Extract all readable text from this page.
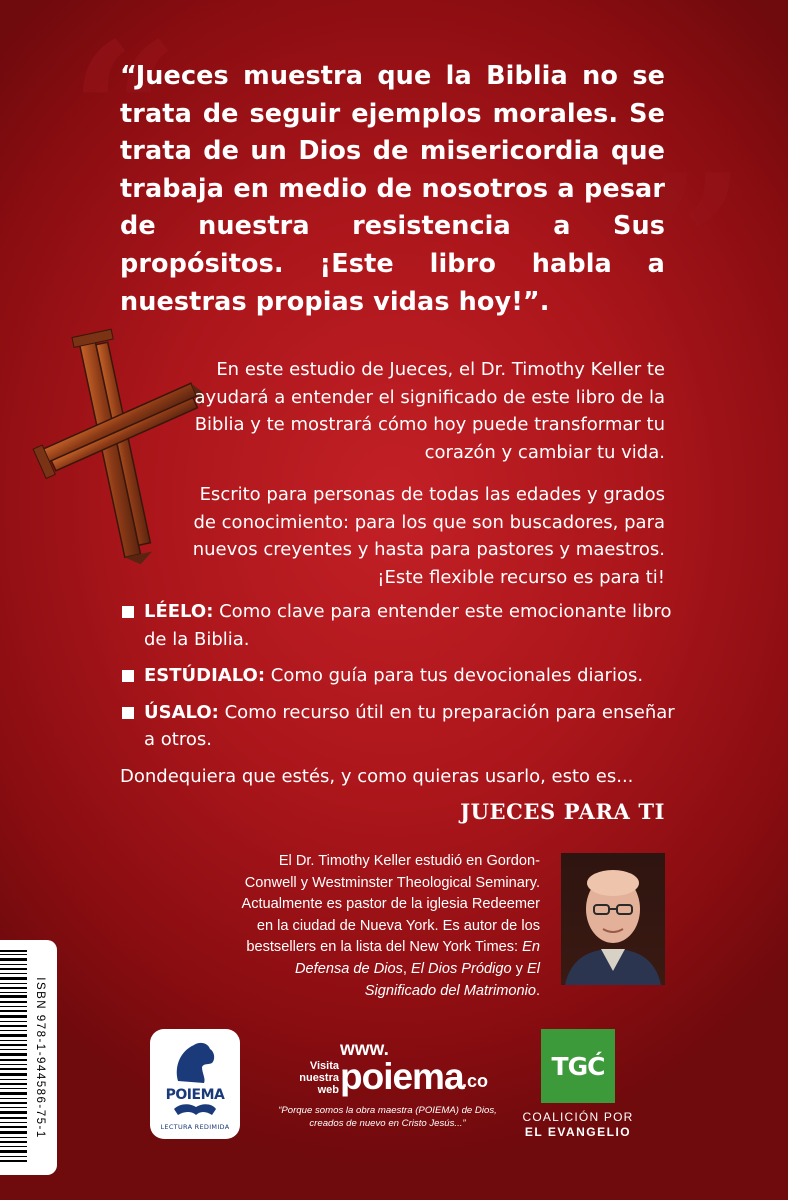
“
”

“Jueces muestra que la Biblia no se trata de seguir ejemplos morales. Se trata de un Dios de misericordia que trabaja en medio de nosotros a pesar de nuestra resistencia a Sus propósitos. ¡Este libro habla a nuestras propias vidas hoy!”.

En este estudio de Jueces, el Dr. Timothy Keller te ayudará a entender el significado de este libro de la Biblia y te mostrará cómo hoy puede transformar tu corazón y cambiar tu vida.

Escrito para personas de todas las edades y grados de conocimiento: para los que son buscadores, para nuevos creyentes y hasta para pastores y maestros. ¡Este flexible recurso es para ti!

LÉELO: Como clave para entender este emocionante libro de la Biblia.
ESTÚDIALO: Como guía para tus devocionales diarios.
ÚSALO: Como recurso útil en tu preparación para enseñar a otros.

Dondequiera que estés, y como quieras usarlo, esto es...

JUECES PARA TI

El Dr. Timothy Keller estudió en Gordon-Conwell y Westminster Theological Seminary. Actualmente es pastor de la iglesia Redeemer en la ciudad de Nueva York. Es autor de los bestsellers en la lista del New York Times: En Defensa de Dios, El Dios Pródigo y El Significado del Matrimonio.

ISBN 978-1-944586-75-1	POIEMA
LECTURA REDIMIDA
Visita
nuestra web
www.
poiema
.co

“Porque somos la obra maestra (POIEMA) de Dios, creados de nuevo en Cristo Jesús...”

TGĆ
COALICIÓN POR
EL EVANGELIO
